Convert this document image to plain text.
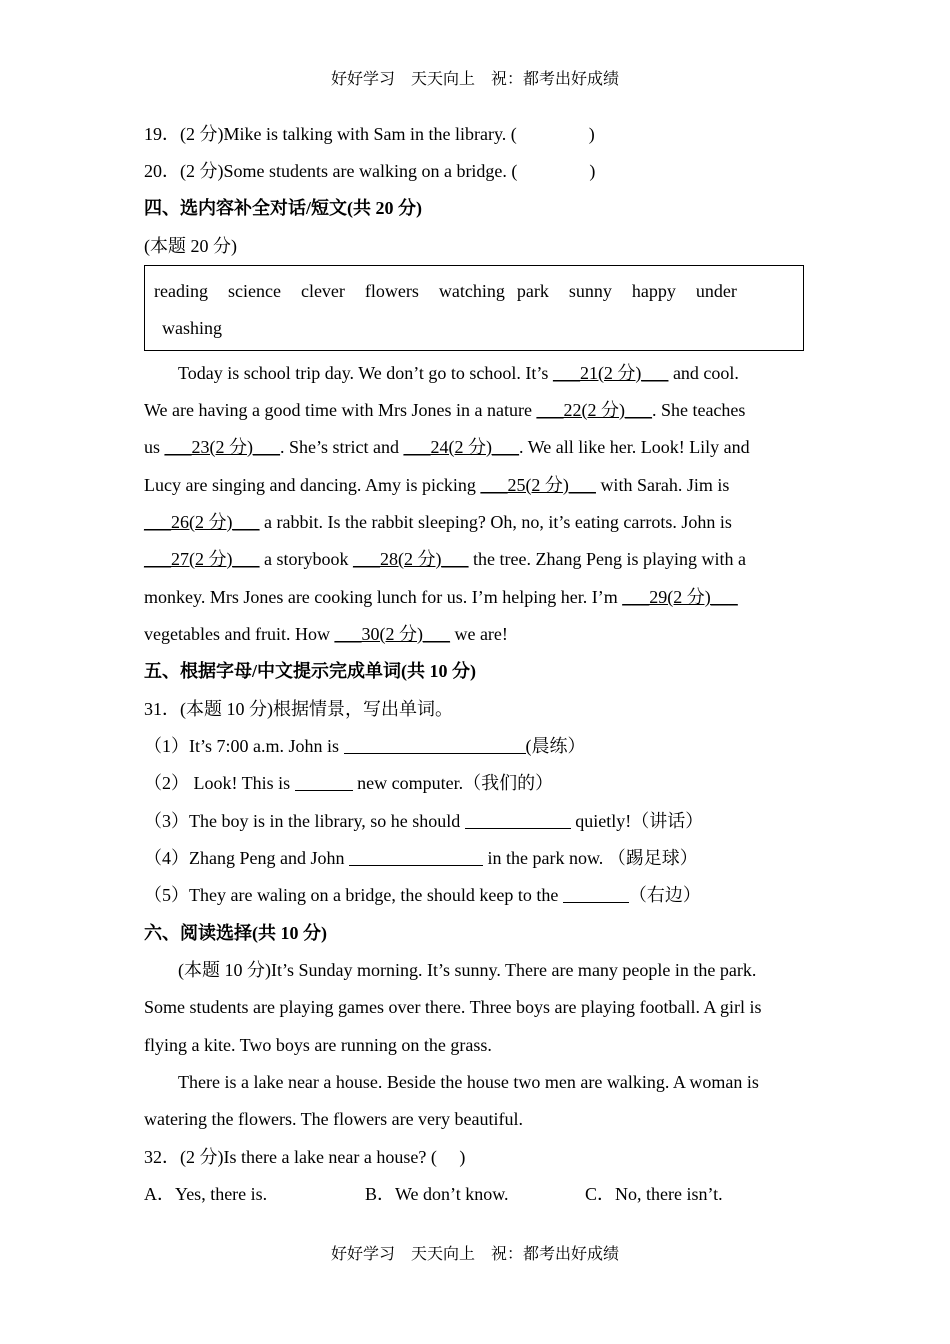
好好学习　天天向上　祝：都考出好成绩
19．(2 分)Mike is talking with Sam in the library. (　　　　)
20．(2 分)Some students are walking on a bridge. (　　　　)
四、选内容补全对话/短文(共 20 分)
(本题 20 分)
reading science clever flowers watching park sunny happy under
washing
Today is school trip day. We don’t go to school. It’s ___21(2 分)___ and cool.
We are having a good time with Mrs Jones in a nature ___22(2 分)___. She teaches
us ___23(2 分)___. She’s strict and ___24(2 分)___. We all like her. Look! Lily and
Lucy are singing and dancing. Amy is picking ___25(2 分)___ with Sarah. Jim is
___26(2 分)___ a rabbit. Is the rabbit sleeping? Oh, no, it’s eating carrots. John is
___27(2 分)___ a storybook ___28(2 分)___ the tree. Zhang Peng is playing with a
monkey. Mrs Jones are cooking lunch for us. I’m helping her. I’m ___29(2 分)___
vegetables and fruit. How ___30(2 分)___ we are!
五、根据字母/中文提示完成单词(共 10 分)
31．(本题 10 分)根据情景，写出单词。
（1）It’s 7:00 a.m. John is	(晨练）
（2） Look! This is	new computer.（我们的）
（3）The boy is in the library, so he should	quietly!（讲话）
（4）Zhang Peng and John	in the park now. （踢足球）
（5）They are waling on a bridge, the should keep to the	（右边）
六、阅读选择(共 10 分)
(本题 10 分)It’s Sunday morning. It’s sunny. There are many people in the park.
Some students are playing games over there. Three boys are playing football. A girl is
flying a kite. Two boys are running on the grass.
There is a lake near a house. Beside the house two men are walking. A woman is
watering the flowers. The flowers are very beautiful.
32．(2 分)Is there a lake near a house? (　 )
A．Yes, there is.	B．We don’t know.	C．No, there isn’t.
好好学习　天天向上　祝：都考出好成绩
